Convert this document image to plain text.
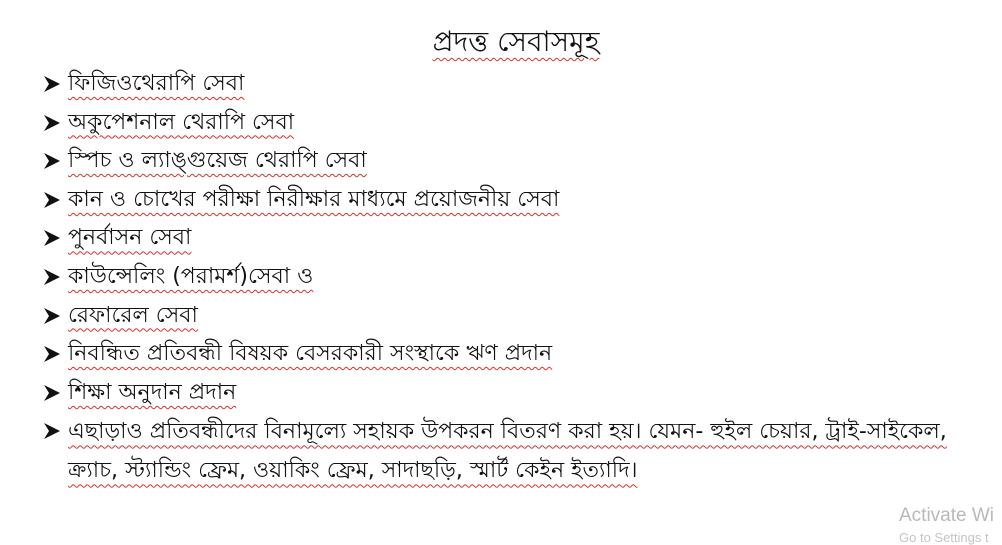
প্রদত্ত সেবাসমূহ
ফিজিওথেরাপি সেবা
অকুপেশনাল থেরাপি সেবা
স্পিচ ও ল্যাঙ্গুয়েজ থেরাপি সেবা
কান ও চোখের পরীক্ষা নিরীক্ষার মাধ্যমে প্রয়োজনীয় সেবা
পুনর্বাসন সেবা
কাউন্সেলিং (পরামর্শ)সেবা ও
রেফারেল সেবা
নিবন্ধিত প্রতিবন্ধী বিষয়ক বেসরকারী সংস্থাকে ঋণ প্রদান
শিক্ষা অনুদান প্রদান
এছাড়াও প্রতিবন্ধীদের বিনামূল্যে সহায়ক উপকরন বিতরণ করা হয়। যেমন- হুইল চেয়ার, ট্রাই-সাইকেল, ক্র্যাচ, স্ট্যান্ডিং ফ্রেম, ওয়াকিং ফ্রেম, সাদাছড়ি, স্মার্ট কেইন ইত্যাদি।
Activate Wi
Go to Settings t
